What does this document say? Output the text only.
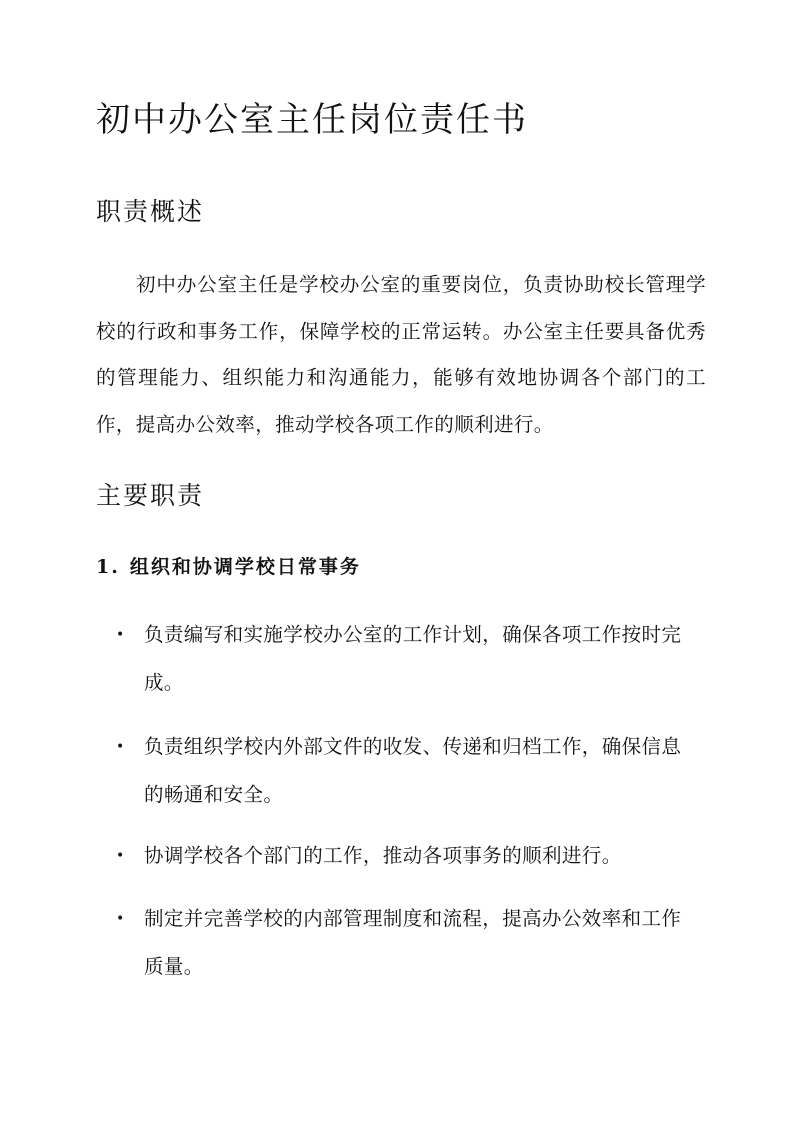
初中办公室主任岗位责任书
职责概述

初中办公室主任是学校办公室的重要岗位，负责协助校长管理学校的行政和事务工作，保障学校的正常运转。办公室主任要具备优秀的管理能力、组织能力和沟通能力，能够有效地协调各个部门的工作，提高办公效率，推动学校各项工作的顺利进行。

主要职责
1. 组织和协调学校日常事务
• 负责编写和实施学校办公室的工作计划，确保各项工作按时完成。
• 负责组织学校内外部文件的收发、传递和归档工作，确保信息的畅通和安全。
• 协调学校各个部门的工作，推动各项事务的顺利进行。
• 制定并完善学校的内部管理制度和流程，提高办公效率和工作质量。
